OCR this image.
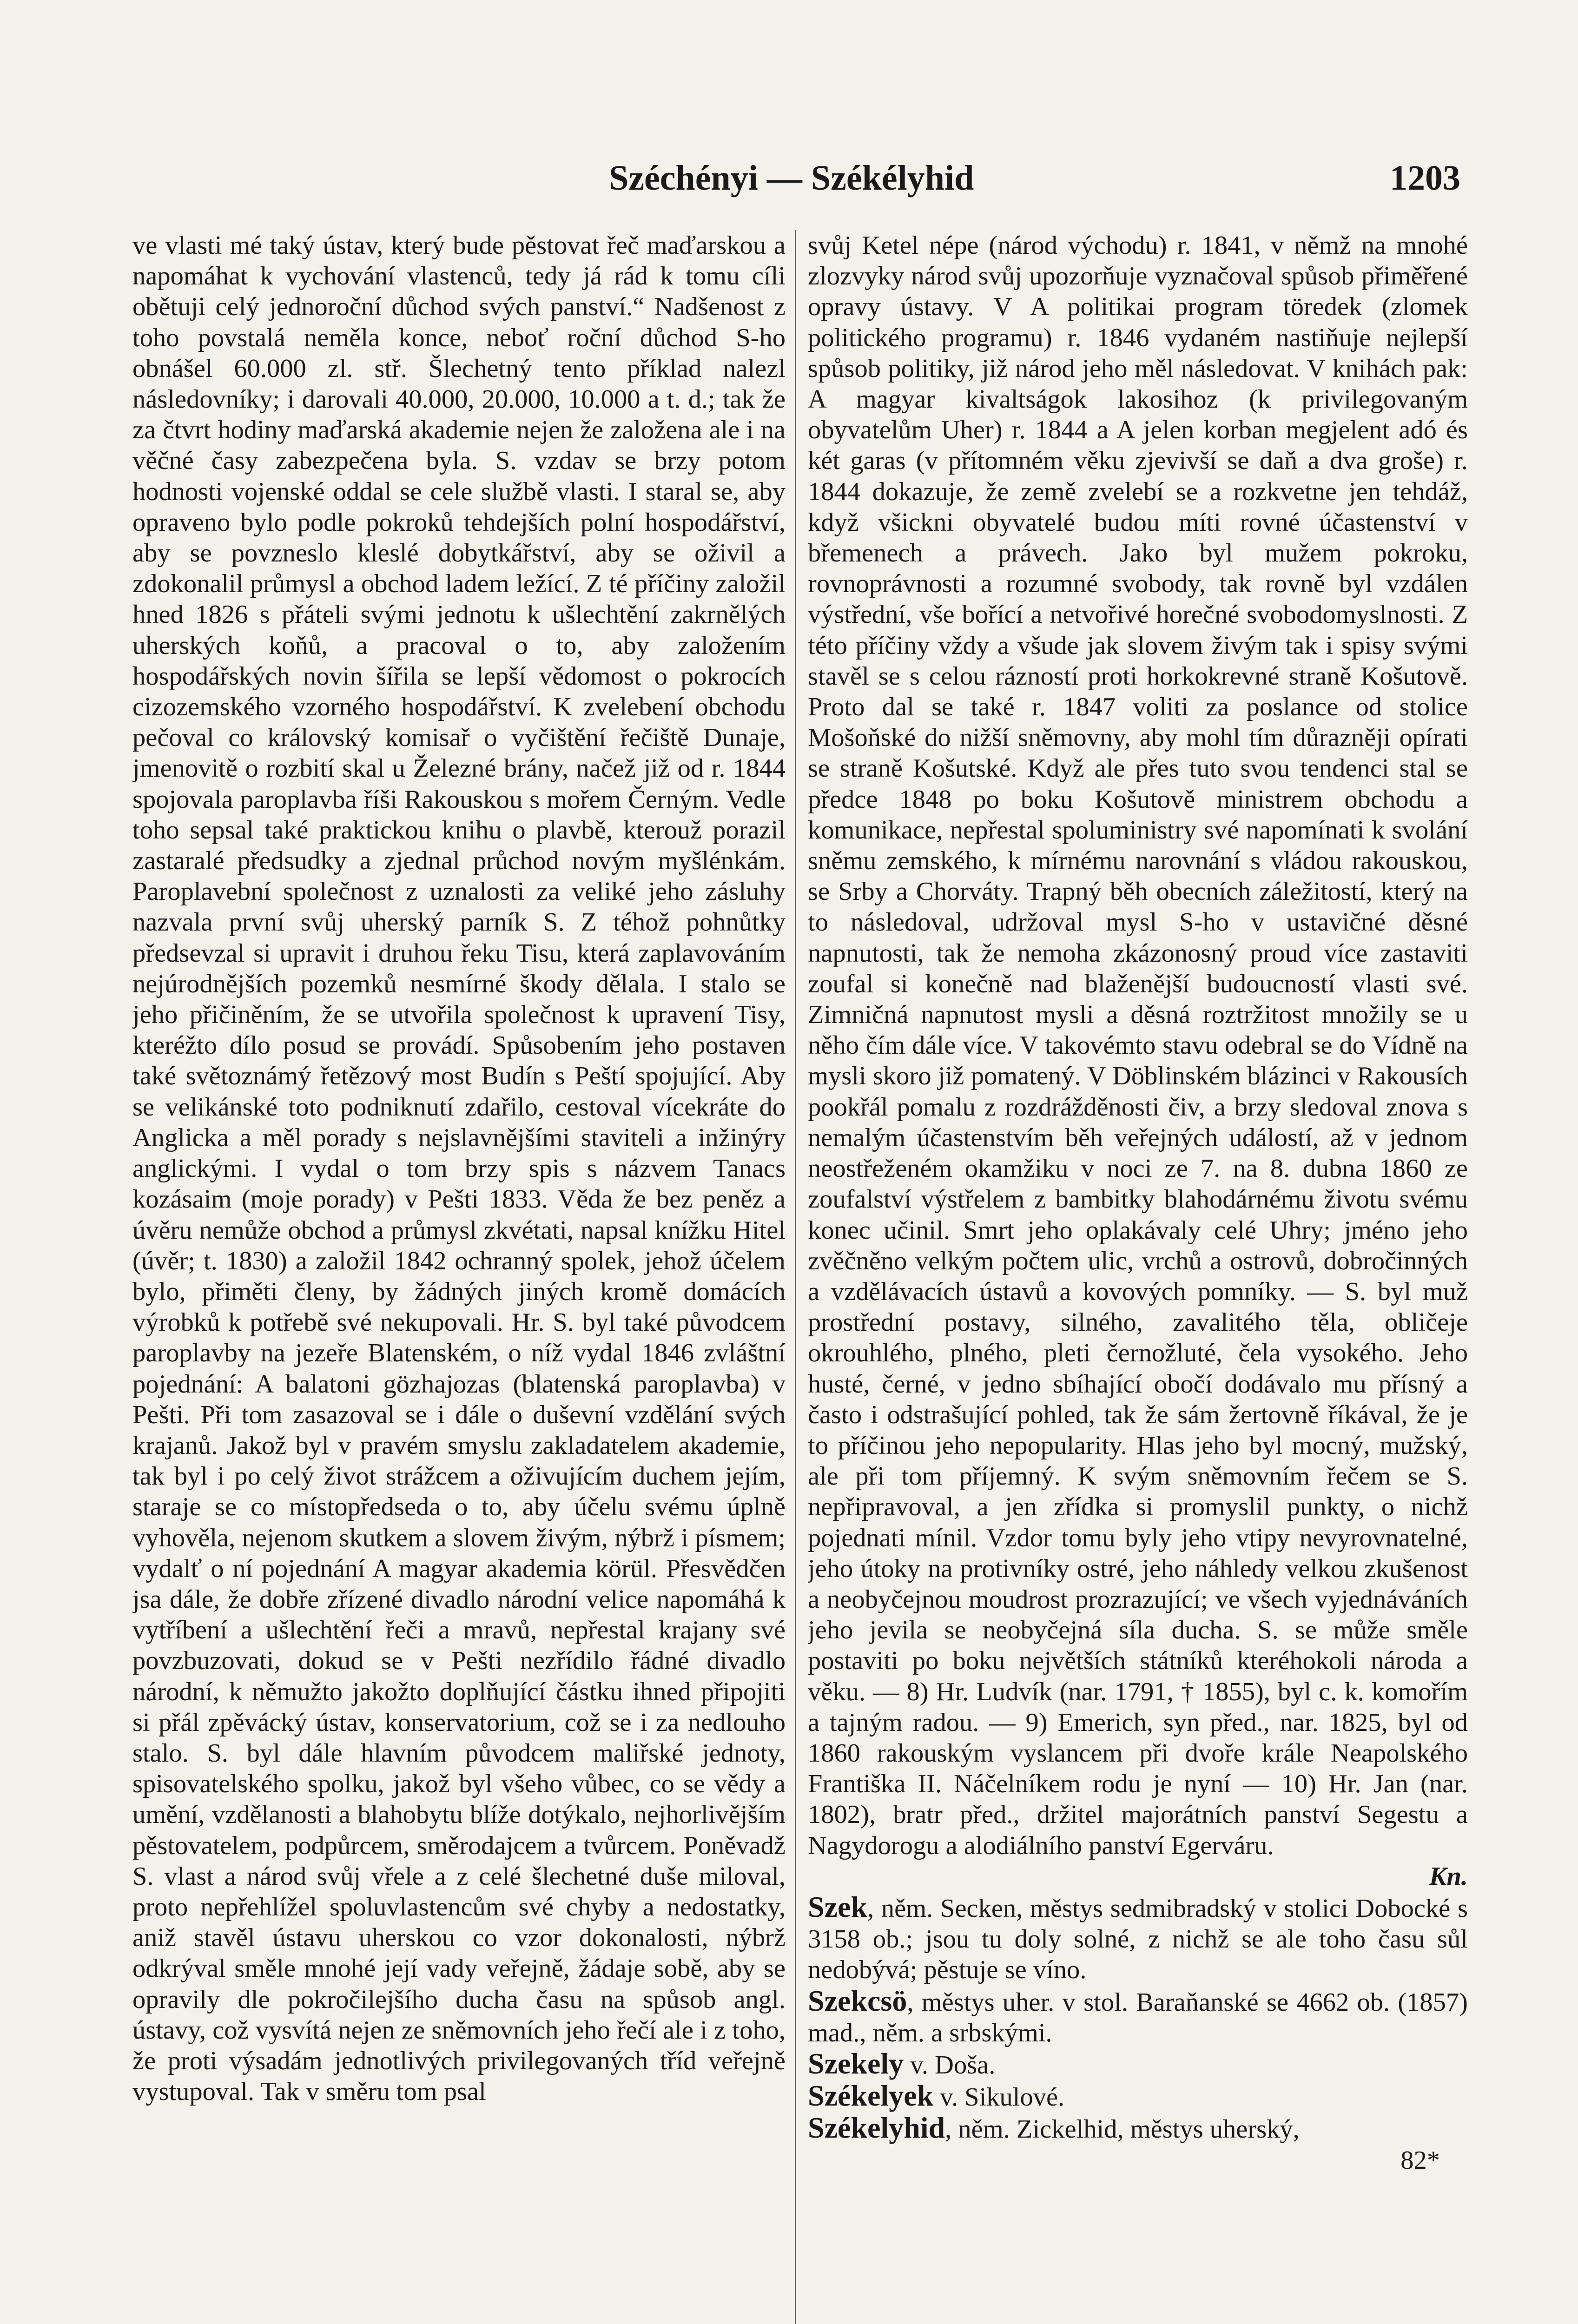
Széchényi — Székélyhid	1203

ve vlasti mé taký ústav, který bude pěstovat řeč maďarskou a napomáhat k vychování vlastenců, tedy já rád k tomu cíli obětuji celý jednoroční důchod svých panství.“ Nadšenost z toho povstalá neměla konce, neboť roční důchod S-ho obnášel 60.000 zl. stř. Šlechetný tento příklad nalezl následovníky; i darovali 40.000, 20.000, 10.000 a t. d.; tak že za čtvrt hodiny maďarská akademie nejen že založena ale i na věčné časy zabezpečena byla. S. vzdav se brzy potom hodnosti vojenské oddal se cele službě vlasti. I staral se, aby opraveno bylo podle pokroků tehdejších polní hospodářství, aby se povzneslo kleslé dobytkářství, aby se oživil a zdokonalil průmysl a obchod ladem ležící. Z té příčiny založil hned 1826 s přáteli svými jednotu k ušlechtění zakrnělých uherských koňů, a pracoval o to, aby založením hospodářských novin šířila se lepší vědomost o pokrocích cizozemského vzorného hospodářství. K zvelebení obchodu pečoval co královský komisař o vyčištění řečiště Dunaje, jmenovitě o rozbití skal u Železné brány, načež již od r. 1844 spojovala paroplavba říši Rakouskou s mořem Černým. Vedle toho sepsal také praktickou knihu o plavbě, kterouž porazil zastaralé předsudky a zjednal průchod novým myšlénkám. Paroplavební společnost z uznalosti za veliké jeho zásluhy nazvala první svůj uherský parník S. Z téhož pohnůtky předsevzal si upravit i druhou řeku Tisu, která zaplavováním nejúrodnějších pozemků nesmírné škody dělala. I stalo se jeho přičiněním, že se utvořila společnost k upravení Tisy, kteréžto dílo posud se provádí. Spůsobením jeho postaven také světoznámý řetězový most Budín s Peští spojující. Aby se velikánské toto podniknutí zdařilo, cestoval vícekráte do Anglicka a měl porady s nejslavnějšími staviteli a inžinýry anglickými. I vydal o tom brzy spis s názvem Tanacs kozásaim (moje porady) v Pešti 1833. Věda že bez peněz a úvěru nemůže obchod a průmysl zkvétati, napsal knížku Hitel (úvěr; t. 1830) a založil 1842 ochranný spolek, jehož účelem bylo, přiměti členy, by žádných jiných kromě domácích výrobků k potřebě své nekupovali. Hr. S. byl také původcem paroplavby na jezeře Blatenském, o níž vydal 1846 zvláštní pojednání: A balatoni gözhajozas (blatenská paroplavba) v Pešti. Při tom zasazoval se i dále o duševní vzdělání svých krajanů. Jakož byl v pravém smyslu zakladatelem akademie, tak byl i po celý život strážcem a oživujícím duchem jejím, staraje se co místopředseda o to, aby účelu svému úplně vyhověla, nejenom skutkem a slovem živým, nýbrž i písmem; vydalť o ní pojednání A magyar akademia körül. Přesvědčen jsa dále, že dobře zřízené divadlo národní velice napomáhá k vytříbení a ušlechtění řeči a mravů, nepřestal krajany své povzbuzovati, dokud se v Pešti nezřídilo řádné divadlo národní, k němužto jakožto doplňující částku ihned připojiti si přál zpěvácký ústav, konservatorium, což se i za nedlouho stalo. S. byl dále hlavním původcem maliřské jednoty, spisovatelského spolku, jakož byl všeho vůbec, co se vědy a umění, vzdělanosti a blahobytu blíže dotýkalo, nejhorlivějším pěstovatelem, podpůrcem, směrodajcem a tvůrcem. Poněvadž S. vlast a národ svůj vřele a z celé šlechetné duše miloval, proto nepřehlížel spoluvlastencům své chyby a nedostatky, aniž stavěl ústavu uherskou co vzor dokonalosti, nýbrž odkrýval směle mnohé její vady veřejně, žádaje sobě, aby se opravily dle pokročilejšího ducha času na spůsob angl. ústavy, což vysvítá nejen ze sněmovních jeho řečí ale i z toho, že proti výsadám jednotlivých privilegovaných tříd veřejně vystupoval. Tak v směru tom psal

svůj Ketel népe (národ východu) r. 1841, v němž na mnohé zlozvyky národ svůj upozorňuje vyznačoval spůsob přiměřené opravy ústavy. V A politikai program töredek (zlomek politického programu) r. 1846 vydaném nastiňuje nejlepší spůsob politiky, již národ jeho měl následovat. V knihách pak: A magyar kivaltságok lakosihoz (k privilegovaným obyvatelům Uher) r. 1844 a A jelen korban megjelent adó és két garas (v přítomném věku zjevivší se daň a dva groše) r. 1844 dokazuje, že země zvelebí se a rozkvetne jen tehdáž, když všickni obyvatelé budou míti rovné účastenství v břemenech a právech. Jako byl mužem pokroku, rovnoprávnosti a rozumné svobody, tak rovně byl vzdálen výstřední, vše bořící a netvořivé horečné svobodomyslnosti. Z této příčiny vždy a všude jak slovem živým tak i spisy svými stavěl se s celou rázností proti horkokrevné straně Košutově. Proto dal se také r. 1847 voliti za poslance od stolice Mošoňské do nižší sněmovny, aby mohl tím důrazněji opírati se straně Košutské. Když ale přes tuto svou tendenci stal se předce 1848 po boku Košutově ministrem obchodu a komunikace, nepřestal spoluministry své napomínati k svolání sněmu zemského, k mírnému narovnání s vládou rakouskou, se Srby a Chorváty. Trapný běh obecních záležitostí, který na to následoval, udržoval mysl S-ho v ustavičné děsné napnutosti, tak že nemoha zkázonosný proud více zastaviti zoufal si konečně nad blaženější budoucností vlasti své. Zimničná napnutost mysli a děsná roztržitost množily se u něho čím dále více. V takovémto stavu odebral se do Vídně na mysli skoro již pomatený. V Döblinském blázinci v Rakousích pookřál pomalu z rozdrážděnosti čiv, a brzy sledoval znova s nemalým účastenstvím běh veřejných událostí, až v jednom neostřeženém okamžiku v noci ze 7. na 8. dubna 1860 ze zoufalství výstřelem z bambitky blahodárnému životu svému konec učinil. Smrt jeho oplakávaly celé Uhry; jméno jeho zvěčněno velkým počtem ulic, vrchů a ostrovů, dobročinných a vzdělávacích ústavů a kovových pomníky. — S. byl muž prostřední postavy, silného, zavalitého těla, obličeje okrouhlého, plného, pleti černožluté, čela vysokého. Jeho husté, černé, v jedno sbíhající obočí dodávalo mu přísný a často i odstrašující pohled, tak že sám žertovně říkával, že je to příčinou jeho nepopularity. Hlas jeho byl mocný, mužský, ale při tom příjemný. K svým sněmovním řečem se S. nepřipravoval, a jen zřídka si promyslil punkty, o nichž pojednati mínil. Vzdor tomu byly jeho vtipy nevyrovnatelné, jeho útoky na protivníky ostré, jeho náhledy velkou zkušenost a neobyčejnou moudrost prozrazující; ve všech vyjednáváních jeho jevila se neobyčejná síla ducha. S. se může směle postaviti po boku největších státníků kteréhokoli národa a věku. — 8) Hr. Ludvík (nar. 1791, † 1855), byl c. k. komořím a tajným radou. — 9) Emerich, syn před., nar. 1825, byl od 1860 rakouským vyslancem při dvoře krále Neapolského Františka II. Náčelníkem rodu je nyní — 10) Hr. Jan (nar. 1802), bratr před., držitel majorátních panství Segestu a Nagydorogu a alodiálního panství Egerváru.

Kn.

Szek, něm. Secken, městys sedmibradský v stolici Dobocké s 3158 ob.; jsou tu doly solné, z nichž se ale toho času sůl nedobývá; pěstuje se víno.

Szekcsö, městys uher. v stol. Baraňanské se 4662 ob. (1857) mad., něm. a srbskými.

Szekely v. Doša.

Székelyek v. Sikulové.

Székelyhid, něm. Zickelhid, městys uherský,

82*
